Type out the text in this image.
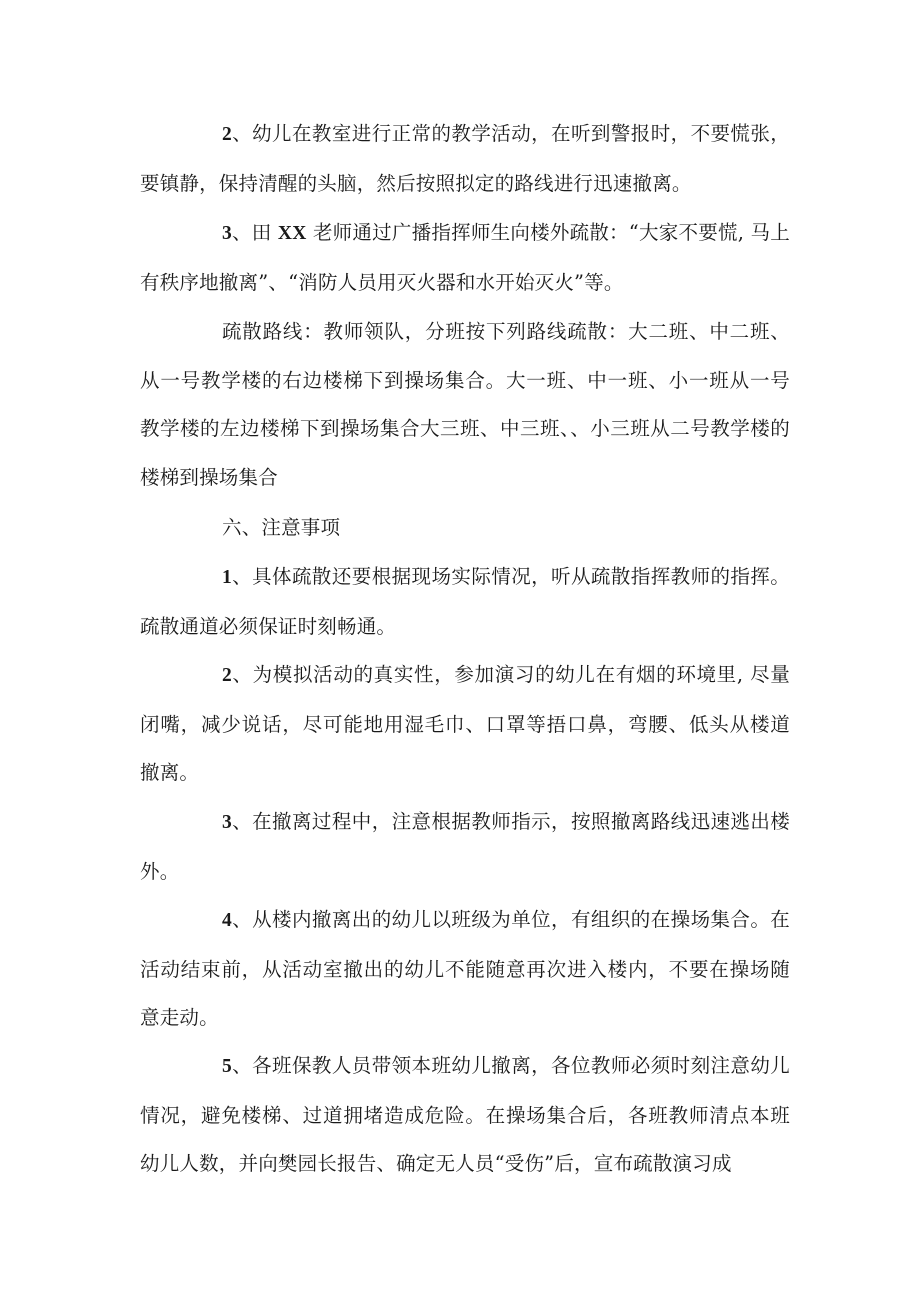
2、幼儿在教室进行正常的教学活动，在听到警报时，不要慌张，要镇静，保持清醒的头脑，然后按照拟定的路线进行迅速撤离。

3、田 XX 老师通过广播指挥师生向楼外疏散：“大家不要慌, 马上有秩序地撤离”、“消防人员用灭火器和水开始灭火”等。

疏散路线：教师领队，分班按下列路线疏散：大二班、中二班、从一号教学楼的右边楼梯下到操场集合。大一班、中一班、小一班从一号教学楼的左边楼梯下到操场集合大三班、中三班、、小三班从二号教学楼的楼梯到操场集合

六、注意事项

1、具体疏散还要根据现场实际情况，听从疏散指挥教师的指挥。疏散通道必须保证时刻畅通。

2、为模拟活动的真实性，参加演习的幼儿在有烟的环境里, 尽量闭嘴，减少说话，尽可能地用湿毛巾、口罩等捂口鼻，弯腰、低头从楼道撤离。

3、在撤离过程中，注意根据教师指示，按照撤离路线迅速逃出楼外。

4、从楼内撤离出的幼儿以班级为单位，有组织的在操场集合。在活动结束前，从活动室撤出的幼儿不能随意再次进入楼内，不要在操场随意走动。

5、各班保教人员带领本班幼儿撤离，各位教师必须时刻注意幼儿情况，避免楼梯、过道拥堵造成危险。在操场集合后，各班教师清点本班幼儿人数，并向樊园长报告、确定无人员“受伤”后，宣布疏散演习成
